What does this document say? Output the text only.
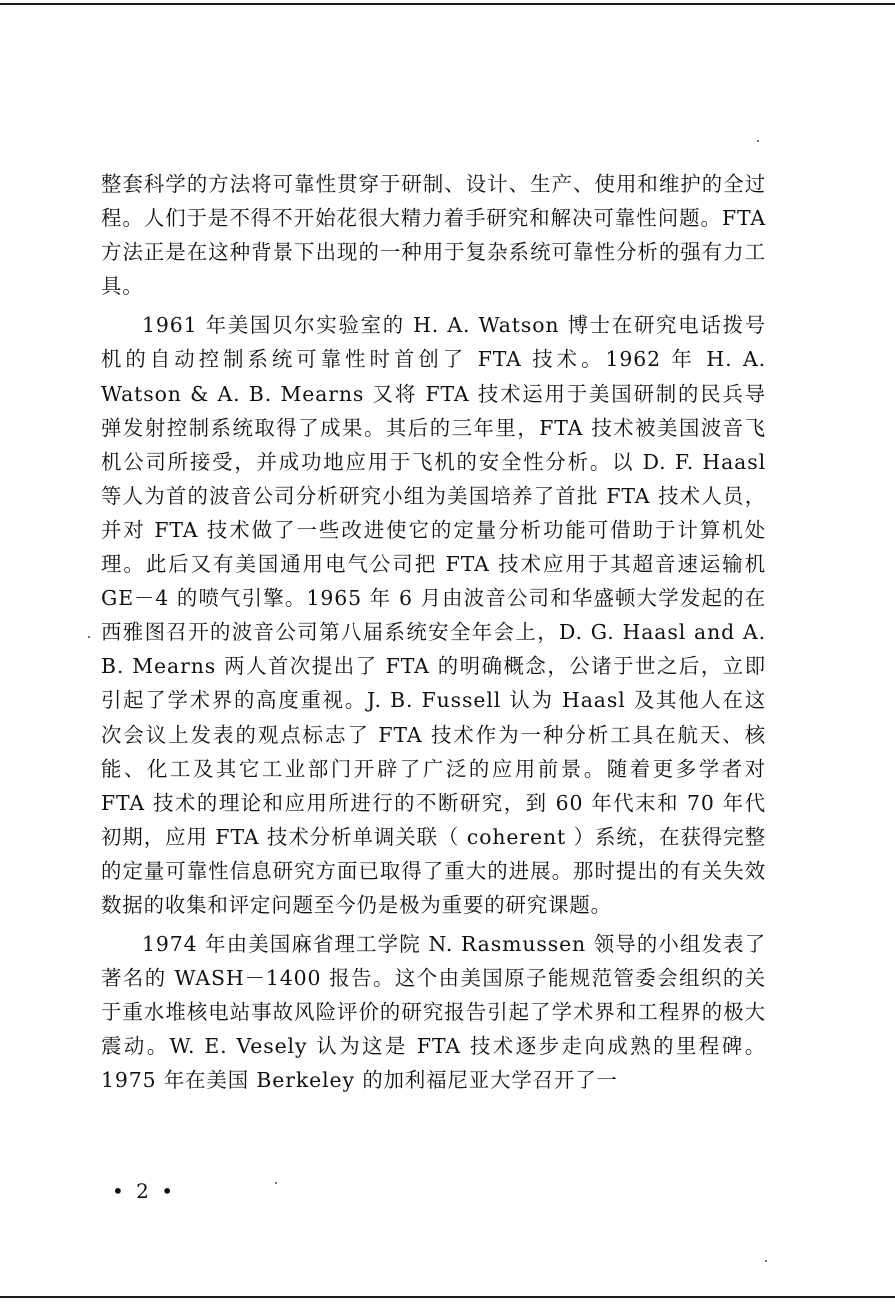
整套科学的方法将可靠性贯穿于研制、设计、生产、使用和维护的全过程。人们于是不得不开始花很大精力着手研究和解决可靠性问题。FTA 方法正是在这种背景下出现的一种用于复杂系统可靠性分析的强有力工具。

1961 年美国贝尔实验室的 H. A. Watson 博士在研究电话拨号机的自动控制系统可靠性时首创了 FTA 技术。1962 年 H. A. Watson & A. B. Mearns 又将 FTA 技术运用于美国研制的民兵导弹发射控制系统取得了成果。其后的三年里，FTA 技术被美国波音飞机公司所接受，并成功地应用于飞机的安全性分析。以 D. F. Haasl 等人为首的波音公司分析研究小组为美国培养了首批 FTA 技术人员，并对 FTA 技术做了一些改进使它的定量分析功能可借助于计算机处理。此后又有美国通用电气公司把 FTA 技术应用于其超音速运输机 GE－4 的喷气引擎。1965 年 6 月由波音公司和华盛顿大学发起的在西雅图召开的波音公司第八届系统安全年会上，D. G. Haasl and A. B. Mearns 两人首次提出了 FTA 的明确概念，公诸于世之后，立即引起了学术界的高度重视。J. B. Fussell 认为 Haasl 及其他人在这次会议上发表的观点标志了 FTA 技术作为一种分析工具在航天、核能、化工及其它工业部门开辟了广泛的应用前景。随着更多学者对 FTA 技术的理论和应用所进行的不断研究，到 60 年代末和 70 年代初期，应用 FTA 技术分析单调关联（ coherent ）系统，在获得完整的定量可靠性信息研究方面已取得了重大的进展。那时提出的有关失效数据的收集和评定问题至今仍是极为重要的研究课题。

1974 年由美国麻省理工学院 N. Rasmussen 领导的小组发表了著名的 WASH－1400 报告。这个由美国原子能规范管委会组织的关于重水堆核电站事故风险评价的研究报告引起了学术界和工程界的极大震动。W. E. Vesely 认为这是 FTA 技术逐步走向成熟的里程碑。1975 年在美国 Berkeley 的加利福尼亚大学召开了一

• 2 •
